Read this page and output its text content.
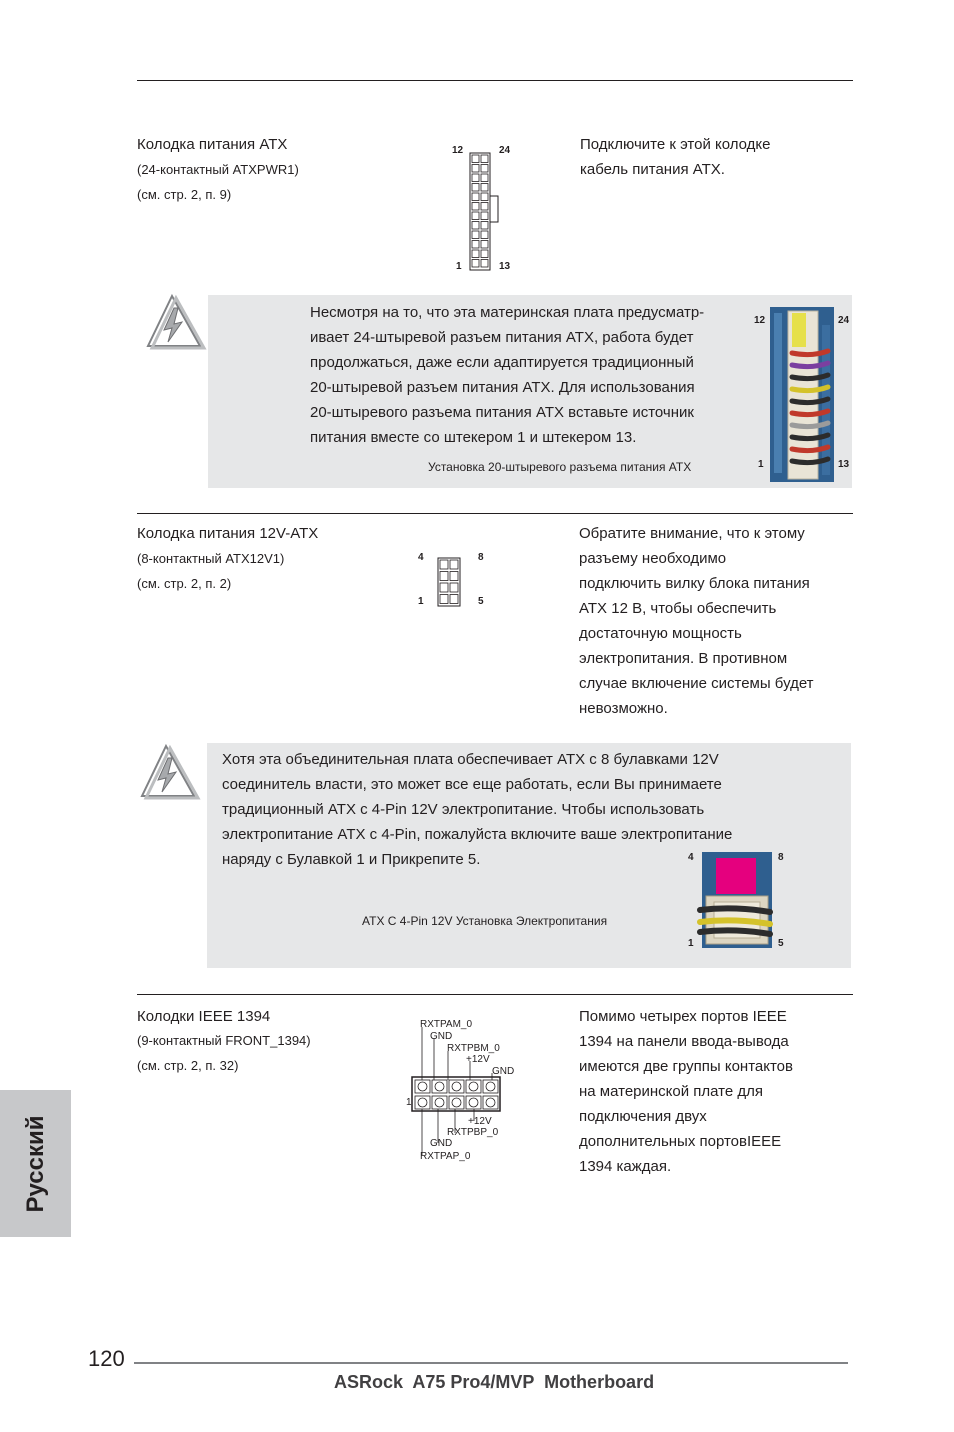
Колодка питания ATX
(24-контактный ATXPWR1)
(см. стр. 2, п. 9)
12	24
1	13
Подключите к этой колодке
кабель питания ATX.
Несмотря на то, что эта материнская плата предусматр-
ивает 24-штыревой разъем питания ATX, работа будет
продолжаться, даже если адаптируется традиционный
20-штыревой разъем питания ATX. Для использования
20-штыревого разъема питания ATX вставьте источник
питания вместе со штекером 1 и штекером 13.
Установка 20-штыревого разъема питания ATX
12	24
1	13
Колодка питания 12V-ATX
(8-контактный ATX12V1)
(см. стр. 2, п. 2)
4	8
1	5
Обратите внимание, что к этому
разъему необходимо
подключить вилку блока питания
ATX 12 В, чтобы обеспечить
достаточную мощность
электропитания. В противном
случае включение системы будет
невозможно.
Хотя эта объединительная плата обеспечивает ATX с 8 булавками 12V
соединитель власти, это может все еще работать, если Вы принимаете
традиционный ATX с 4-Pin 12V электропитание. Чтобы использовать
электропитание ATX с 4-Pin, пожалуйста включите ваше электропитание
наряду с Булавкой 1 и Прикрепите 5.
ATX С 4-Pin 12V Установка Электропитания
4	8
1	5
Колодки IEEE 1394
(9-контактный FRONT_1394)
(см. стр. 2, п. 32)
RXTPAM_0
GND
RXTPBM_0
+12V
GND
1
+12V
RXTPBP_0
GND
RXTPAP_0
Помимо четырех портов IEEE
1394 на панели ввода-вывода
имеются две группы контактов
на материнской плате для
подключения двух
дополнительных портовIEEE
1394 каждая.
Русский
120
ASRock  A75 Pro4/MVP  Motherboard
